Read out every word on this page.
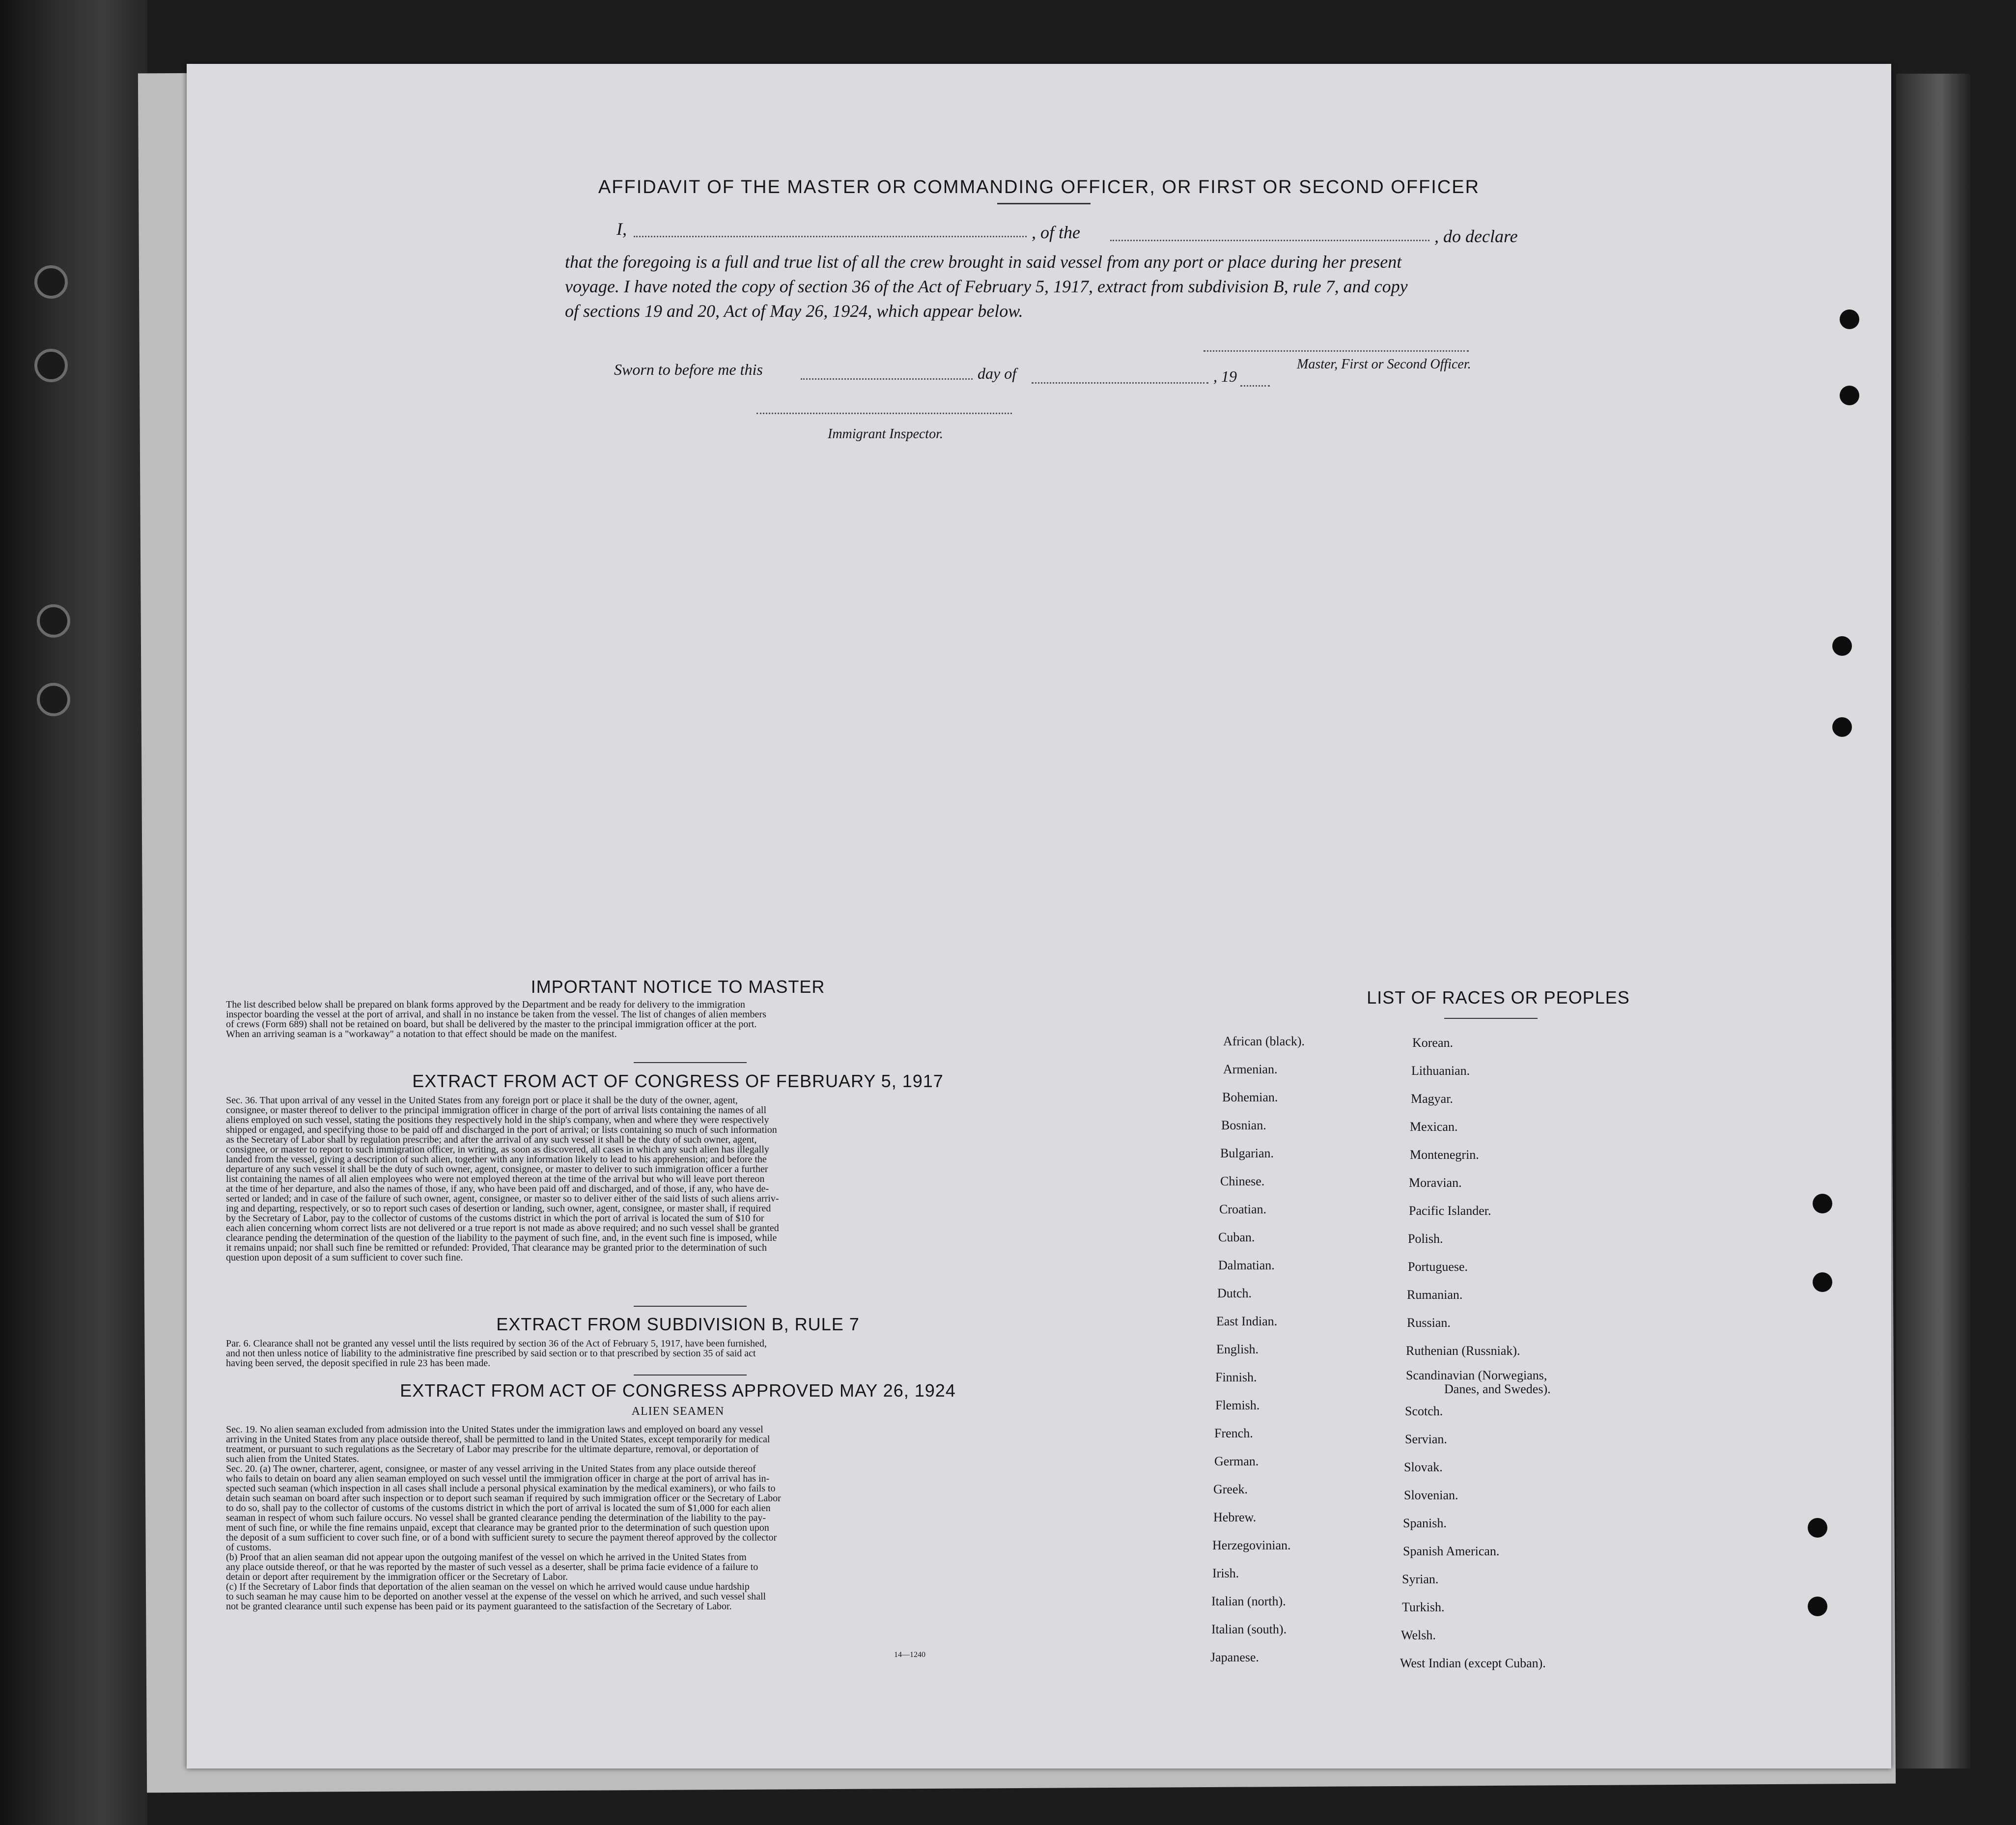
AFFIDAVIT OF THE MASTER OR COMMANDING OFFICER, OR FIRST OR SECOND OFFICER
I,	, of the	, do declare
that the foregoing is a full and true list of all the crew brought in said vessel from any port or place during her present
voyage. I have noted the copy of section 36 of the Act of February 5, 1917, extract from subdivision B, rule 7, and copy
of sections 19 and 20, Act of May 26, 1924, which appear below.
Master, First or Second Officer.
Sworn to before me this	day of	, 19
Immigrant Inspector.
IMPORTANT NOTICE TO MASTER
The list described below shall be prepared on blank forms approved by the Department and be ready for delivery to the immigration
inspector boarding the vessel at the port of arrival, and shall in no instance be taken from the vessel. The list of changes of alien members
of crews (Form 689) shall not be retained on board, but shall be delivered by the master to the principal immigration officer at the port.
When an arriving seaman is a "workaway" a notation to that effect should be made on the manifest.
EXTRACT FROM ACT OF CONGRESS OF FEBRUARY 5, 1917
Sec. 36. That upon arrival of any vessel in the United States from any foreign port or place it shall be the duty of the owner, agent,
consignee, or master thereof to deliver to the principal immigration officer in charge of the port of arrival lists containing the names of all
aliens employed on such vessel, stating the positions they respectively hold in the ship's company, when and where they were respectively
shipped or engaged, and specifying those to be paid off and discharged in the port of arrival; or lists containing so much of such information
as the Secretary of Labor shall by regulation prescribe; and after the arrival of any such vessel it shall be the duty of such owner, agent,
consignee, or master to report to such immigration officer, in writing, as soon as discovered, all cases in which any such alien has illegally
landed from the vessel, giving a description of such alien, together with any information likely to lead to his apprehension; and before the
departure of any such vessel it shall be the duty of such owner, agent, consignee, or master to deliver to such immigration officer a further
list containing the names of all alien employees who were not employed thereon at the time of the arrival but who will leave port thereon
at the time of her departure, and also the names of those, if any, who have been paid off and discharged, and of those, if any, who have de-
serted or landed; and in case of the failure of such owner, agent, consignee, or master so to deliver either of the said lists of such aliens arriv-
ing and departing, respectively, or so to report such cases of desertion or landing, such owner, agent, consignee, or master shall, if required
by the Secretary of Labor, pay to the collector of customs of the customs district in which the port of arrival is located the sum of $10 for
each alien concerning whom correct lists are not delivered or a true report is not made as above required; and no such vessel shall be granted
clearance pending the determination of the question of the liability to the payment of such fine, and, in the event such fine is imposed, while
it remains unpaid; nor shall such fine be remitted or refunded: Provided, That clearance may be granted prior to the determination of such
question upon deposit of a sum sufficient to cover such fine.
EXTRACT FROM SUBDIVISION B, RULE 7
Par. 6. Clearance shall not be granted any vessel until the lists required by section 36 of the Act of February 5, 1917, have been furnished,
and not then unless notice of liability to the administrative fine prescribed by said section or to that prescribed by section 35 of said act
having been served, the deposit specified in rule 23 has been made.
EXTRACT FROM ACT OF CONGRESS APPROVED MAY 26, 1924
ALIEN SEAMEN
Sec. 19. No alien seaman excluded from admission into the United States under the immigration laws and employed on board any vessel
arriving in the United States from any place outside thereof, shall be permitted to land in the United States, except temporarily for medical
treatment, or pursuant to such regulations as the Secretary of Labor may prescribe for the ultimate departure, removal, or deportation of
such alien from the United States.
Sec. 20. (a) The owner, charterer, agent, consignee, or master of any vessel arriving in the United States from any place outside thereof
who fails to detain on board any alien seaman employed on such vessel until the immigration officer in charge at the port of arrival has in-
spected such seaman (which inspection in all cases shall include a personal physical examination by the medical examiners), or who fails to
detain such seaman on board after such inspection or to deport such seaman if required by such immigration officer or the Secretary of Labor
to do so, shall pay to the collector of customs of the customs district in which the port of arrival is located the sum of $1,000 for each alien
seaman in respect of whom such failure occurs. No vessel shall be granted clearance pending the determination of the liability to the pay-
ment of such fine, or while the fine remains unpaid, except that clearance may be granted prior to the determination of such question upon
the deposit of a sum sufficient to cover such fine, or of a bond with sufficient surety to secure the payment thereof approved by the collector
of customs.
(b) Proof that an alien seaman did not appear upon the outgoing manifest of the vessel on which he arrived in the United States from
any place outside thereof, or that he was reported by the master of such vessel as a deserter, shall be prima facie evidence of a failure to
detain or deport after requirement by the immigration officer or the Secretary of Labor.
(c) If the Secretary of Labor finds that deportation of the alien seaman on the vessel on which he arrived would cause undue hardship
to such seaman he may cause him to be deported on another vessel at the expense of the vessel on which he arrived, and such vessel shall
not be granted clearance until such expense has been paid or its payment guaranteed to the satisfaction of the Secretary of Labor.
14—1240
LIST OF RACES OR PEOPLES
African (black).
Armenian.
Bohemian.
Bosnian.
Bulgarian.
Chinese.
Croatian.
Cuban.
Dalmatian.
Dutch.
East Indian.
English.
Finnish.
Flemish.
French.
German.
Greek.
Hebrew.
Herzegovinian.
Irish.
Italian (north).
Italian (south).
Japanese.
Korean.
Lithuanian.
Magyar.
Mexican.
Montenegrin.
Moravian.
Pacific Islander.
Polish.
Portuguese.
Rumanian.
Russian.
Ruthenian (Russniak).
Scandinavian (Norwegians,
Danes, and Swedes).
Scotch.
Servian.
Slovak.
Slovenian.
Spanish.
Spanish American.
Syrian.
Turkish.
Welsh.
West Indian (except Cuban).
